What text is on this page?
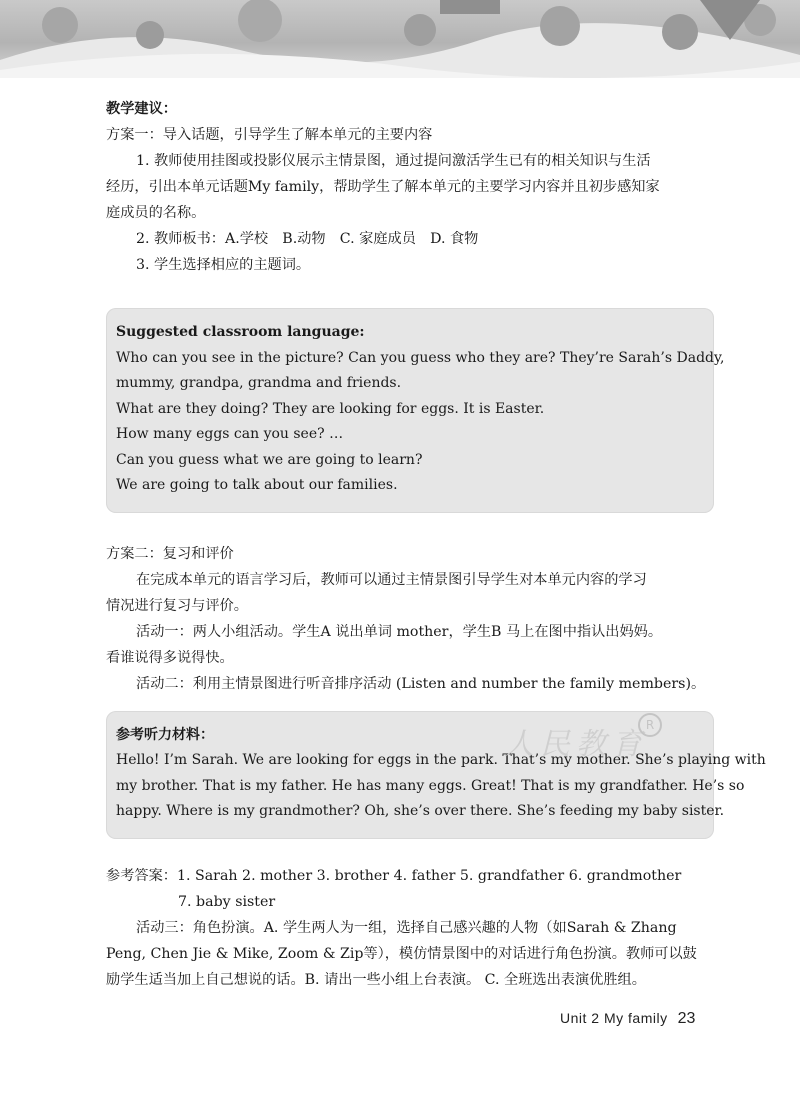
教学建议：
方案一：导入话题，引导学生了解本单元的主要内容
1. 教师使用挂图或投影仪展示主情景图，通过提问激活学生已有的相关知识与生活
经历，引出本单元话题My family，帮助学生了解本单元的主要学习内容并且初步感知家
庭成员的名称。
2. 教师板书：A.学校　B.动物　C. 家庭成员　D. 食物
3. 学生选择相应的主题词。
Suggested classroom language:
Who can you see in the picture? Can you guess who they are? They’re Sarah’s Daddy,
mummy, grandpa, grandma and friends.
What are they doing? They are looking for eggs. It is Easter.
How many eggs can you see? …
Can you guess what we are going to learn?
We are going to talk about our families.
方案二：复习和评价
在完成本单元的语言学习后，教师可以通过主情景图引导学生对本单元内容的学习
情况进行复习与评价。
活动一：两人小组活动。学生A 说出单词 mother，学生B 马上在图中指认出妈妈。
看谁说得多说得快。
活动二：利用主情景图进行听音排序活动 (Listen and number the family members)。
人民教育
R
参考听力材料：
Hello! I’m Sarah. We are looking for eggs in the park. That’s my mother. She’s playing with
my brother. That is my father. He has many eggs. Great! That is my grandfather. He’s so
happy. Where is my grandmother? Oh, she’s over there. She’s feeding my baby sister.
参考答案：1. Sarah 2. mother 3. brother 4. father 5. grandfather 6. grandmother
7. baby sister
活动三：角色扮演。A. 学生两人为一组，选择自己感兴趣的人物（如Sarah & Zhang
Peng, Chen Jie & Mike, Zoom & Zip等），模仿情景图中的对话进行角色扮演。教师可以鼓
励学生适当加上自己想说的话。B. 请出一些小组上台表演。 C. 全班选出表演优胜组。
Unit 2 My family 23
